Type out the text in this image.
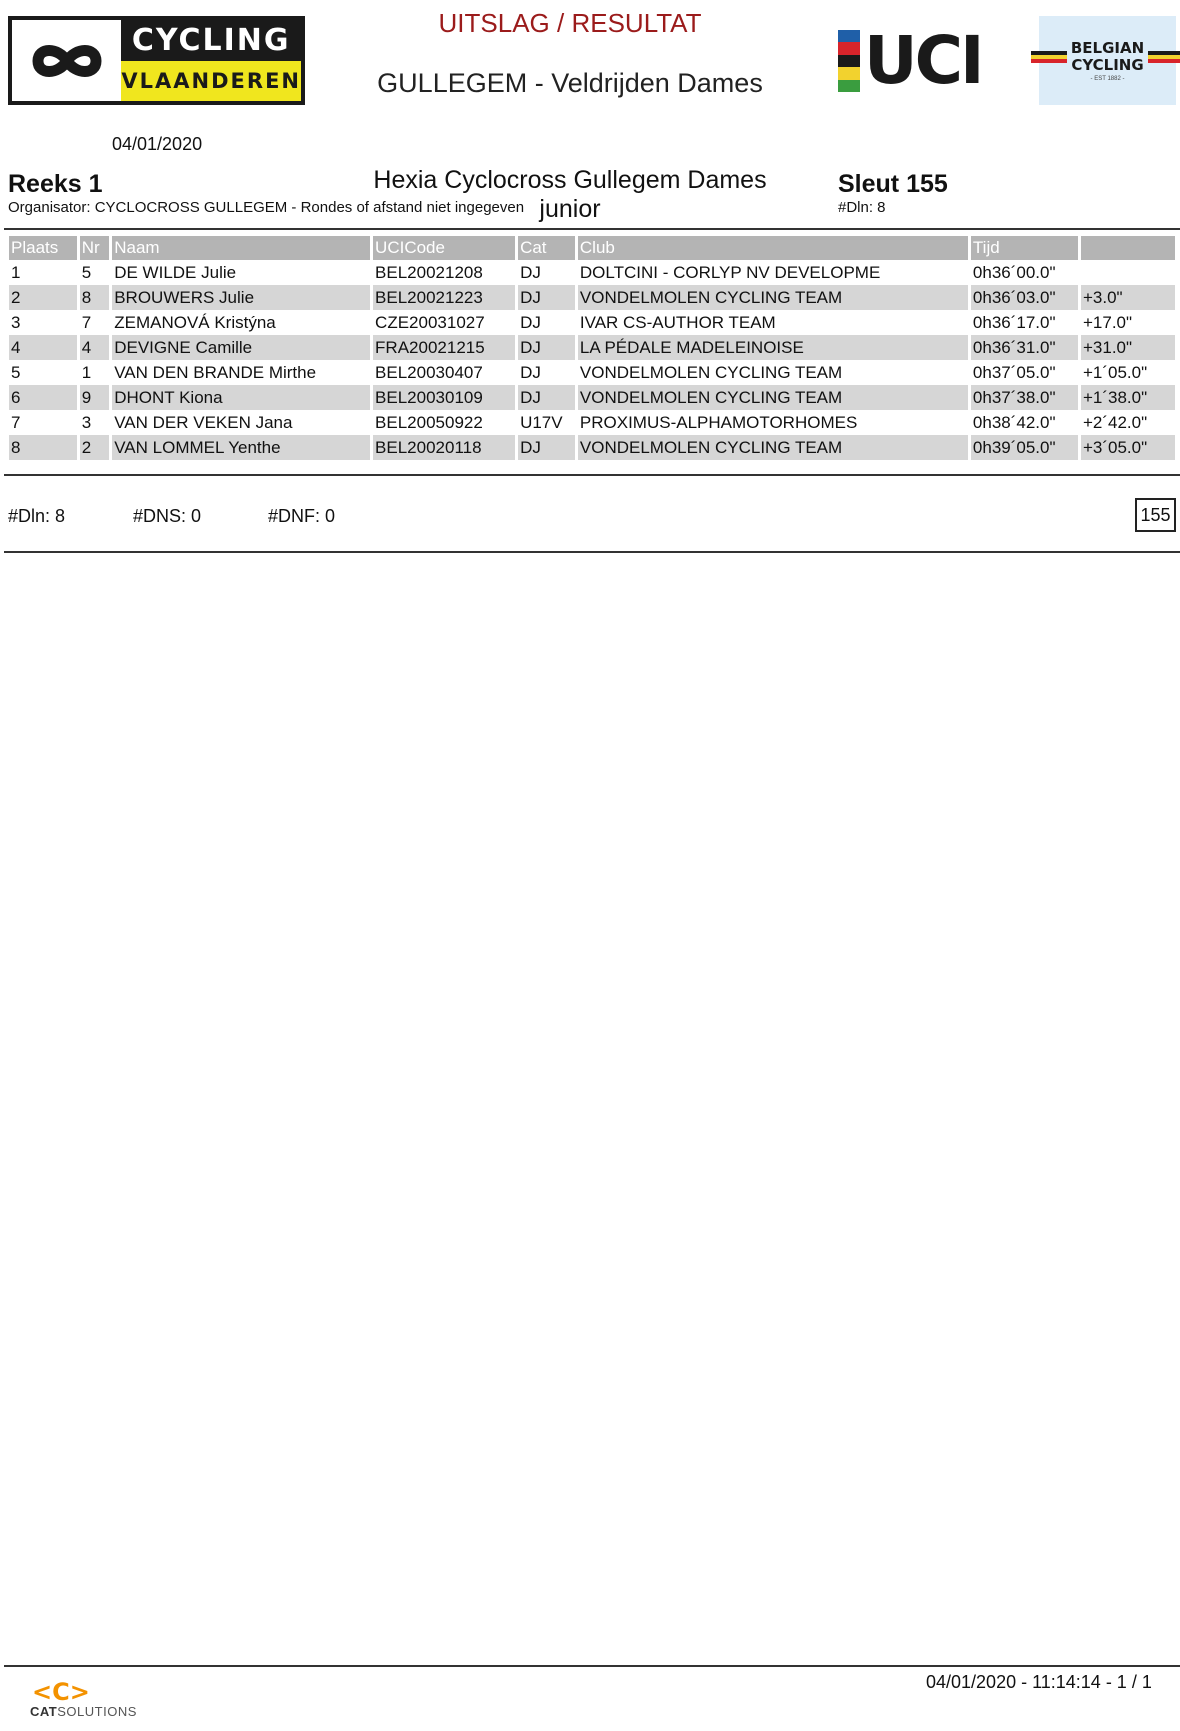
CYCLING
VLAANDEREN
UITSLAG / RESULTAT
GULLEGEM - Veldrijden Dames	UCI	BELGIAN
CYCLING
- EST 1882 -
04/01/2020
Reeks 1	Hexia Cyclocross Gullegem Dames junior
Sleut 155
Organisator: CYCLOCROSS GULLEGEM - Rondes of afstand niet ingegeven	#Dln: 8
Plaats	Nr	Naam	UCICode	Cat	Club	Tijd	
1	5	DE WILDE Julie	BEL20021208	DJ	DOLTCINI - CORLYP NV DEVELOPME	0h36´00.0"	
2	8	BROUWERS Julie	BEL20021223	DJ	VONDELMOLEN CYCLING TEAM	0h36´03.0"	+3.0"
3	7	ZEMANOVÁ Kristýna	CZE20031027	DJ	IVAR CS-AUTHOR TEAM	0h36´17.0"	+17.0"
4	4	DEVIGNE Camille	FRA20021215	DJ	LA PÉDALE MADELEINOISE	0h36´31.0"	+31.0"
5	1	VAN DEN BRANDE Mirthe	BEL20030407	DJ	VONDELMOLEN CYCLING TEAM	0h37´05.0"	+1´05.0"
6	9	DHONT Kiona	BEL20030109	DJ	VONDELMOLEN CYCLING TEAM	0h37´38.0"	+1´38.0"
7	3	VAN DER VEKEN Jana	BEL20050922	U17V	PROXIMUS-ALPHAMOTORHOMES	0h38´42.0"	+2´42.0"
8	2	VAN LOMMEL Yenthe	BEL20020118	DJ	VONDELMOLEN CYCLING TEAM	0h39´05.0"	+3´05.0"
#Dln: 8	#DNS: 0	#DNF: 0	155
<C>
CATSOLUTIONS
04/01/2020 - 11:14:14 - 1 / 1
